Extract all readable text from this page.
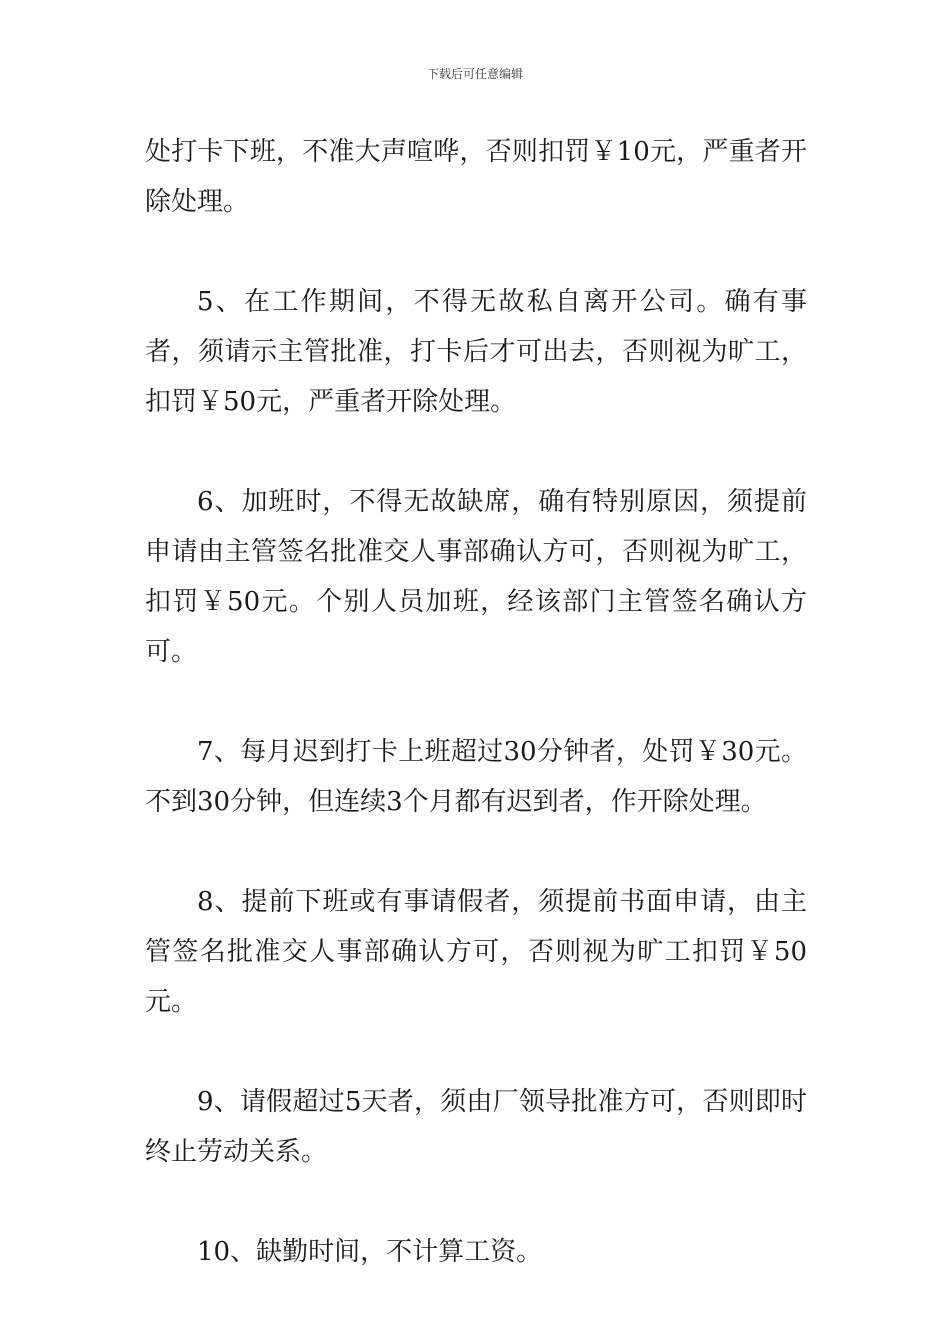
下载后可任意编辑

处打卡下班，不准大声喧哗，否则扣罚￥10元，严重者开除处理。

5、在工作期间，不得无故私自离开公司。确有事者，须请示主管批准，打卡后才可出去，否则视为旷工，扣罚￥50元，严重者开除处理。

6、加班时，不得无故缺席，确有特别原因，须提前申请由主管签名批准交人事部确认方可，否则视为旷工，扣罚￥50元。个别人员加班，经该部门主管签名确认方可。

7、每月迟到打卡上班超过30分钟者，处罚￥30元。不到30分钟，但连续3个月都有迟到者，作开除处理。

8、提前下班或有事请假者，须提前书面申请，由主管签名批准交人事部确认方可，否则视为旷工扣罚￥50元。

9、请假超过5天者，须由厂领导批准方可，否则即时终止劳动关系。

10、缺勤时间，不计算工资。
